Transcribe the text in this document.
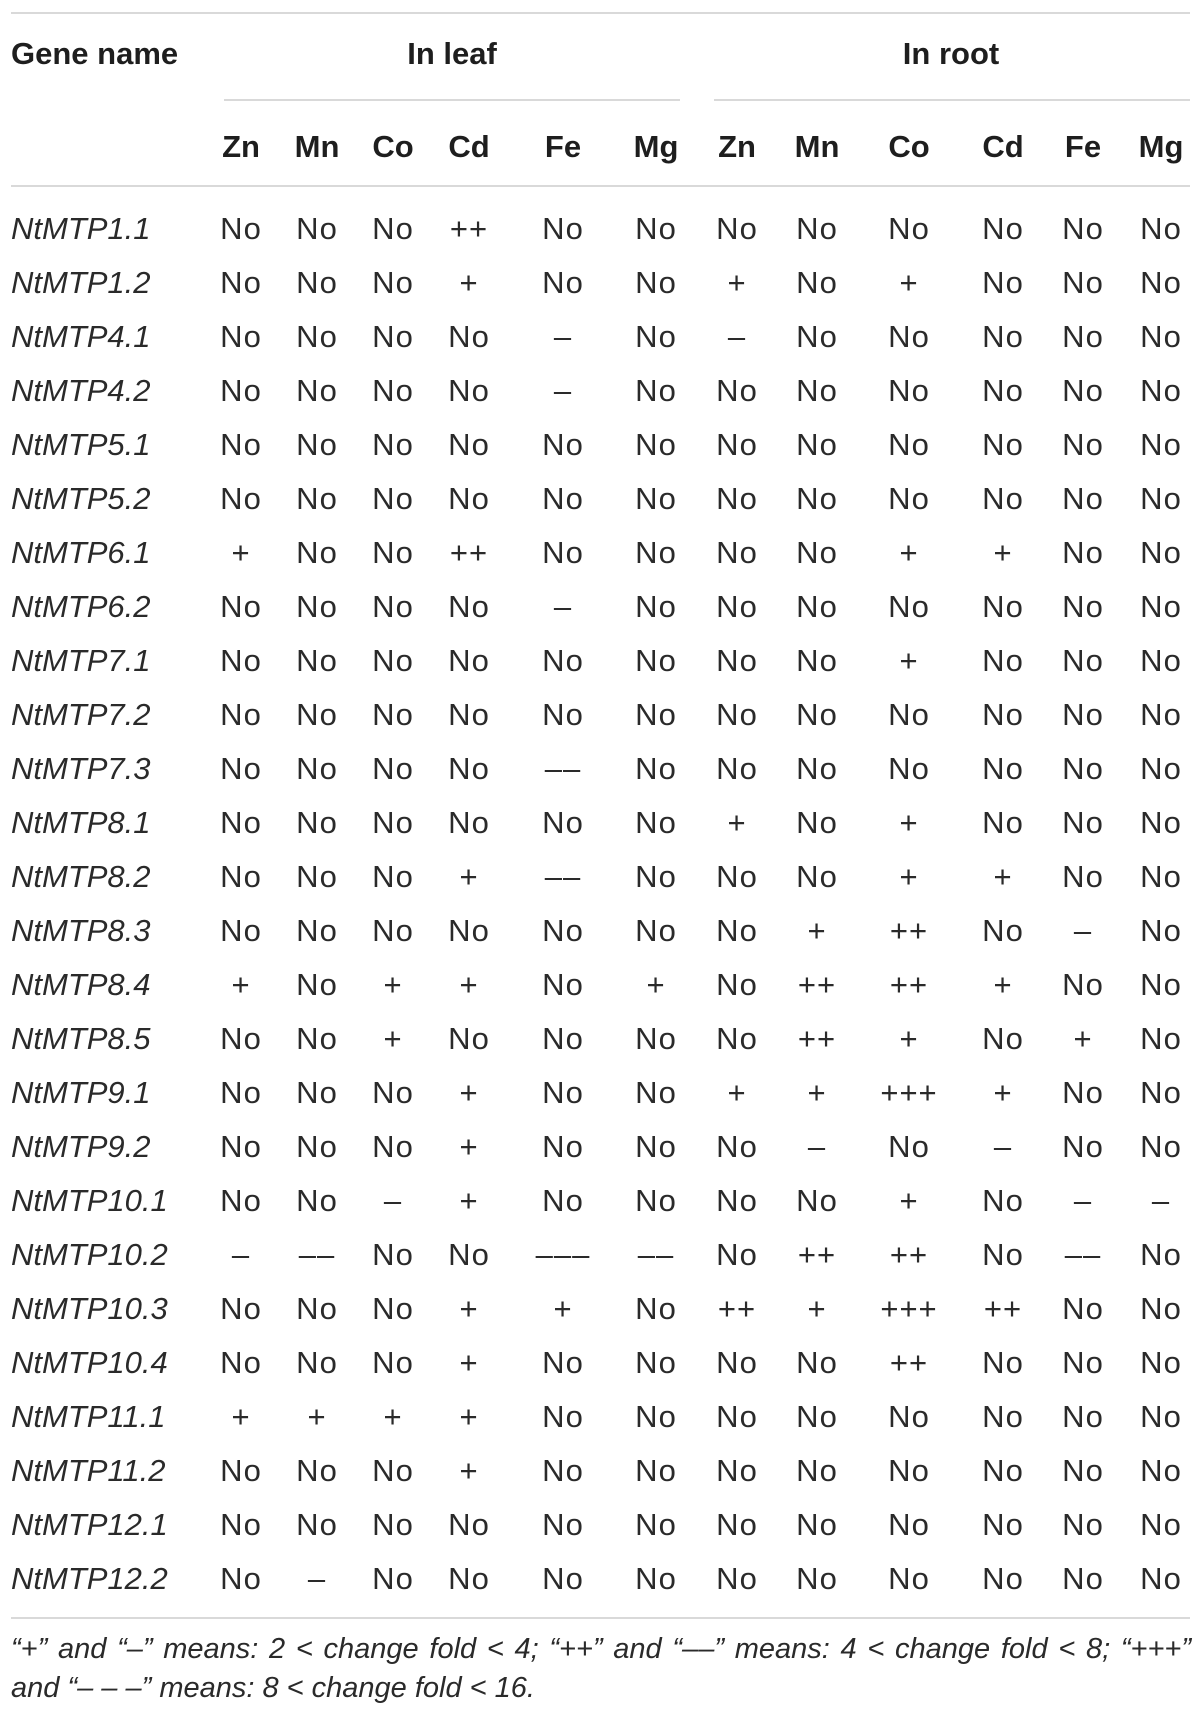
Gene name	In leaf	In root
Zn Mn Co Cd Fe Mg Zn Mn Co Cd Fe Mg
NtMTP1.1 No No No ++ No No No No No No No No
NtMTP1.2 No No No + No No + No + No No No
NtMTP4.1 No No No No – No – No No No No No
NtMTP4.2 No No No No – No No No No No No No
NtMTP5.1 No No No No No No No No No No No No
NtMTP5.2 No No No No No No No No No No No No
NtMTP6.1	+ No No ++ No No No No + + No No
NtMTP6.2 No No No No – No No No No No No No
NtMTP7.1 No No No No No No No No + No No No
NtMTP7.2 No No No No No No No No No No No No
NtMTP7.3 No No No No –– No No No No No No No
NtMTP8.1 No No No No No No + No + No No No
NtMTP8.2 No No No + –– No No No + + No No
NtMTP8.3 No No No No No No No + ++ No – No
NtMTP8.4	+ No + + No + No ++ ++ + No No
NtMTP8.5 No No + No No No No ++ + No + No
NtMTP9.1 No No No + No No + + +++ + No No
NtMTP9.2 No No No + No No No – No – No No
NtMTP10.1 No No – + No No No No + No – –
NtMTP10.2 – –– No No ––– –– No ++ ++ No –– No
NtMTP10.3 No No No + + No ++ + +++ ++ No No
NtMTP10.4 No No No + No No No No ++ No No No
NtMTP11.1 + + + + No No No No No No No No
NtMTP11.2 No No No + No No No No No No No No
NtMTP12.1 No No No No No No No No No No No No
NtMTP12.2 No – No No No No No No No No No No
“+” and “–” means: 2 < change fold < 4; “++” and “––” means: 4 < change fold < 8; “+++” and “– – –” means: 8 < change fold < 16.
